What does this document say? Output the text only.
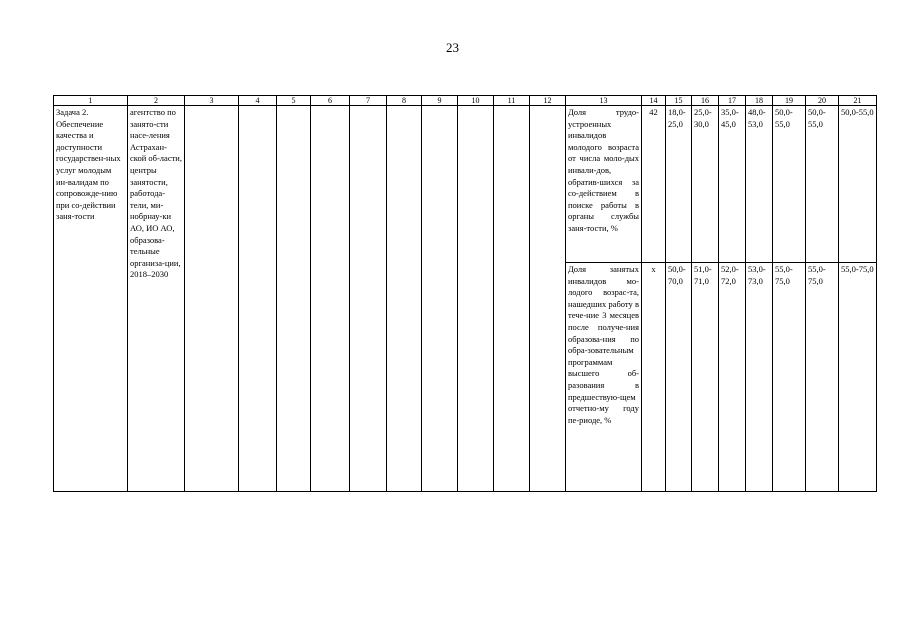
23
1	2	3	4	5	6	7	8	9	10	11	12	13	14	15	16	17	18	19	20	21
Задача 2. Обеспечение качества и доступности государствен-ных услуг молодым ин-валидам по сопровожде-нию при со-действии заня-тости	агентство по занято-сти насе-ления Астрахан-ской об-ласти, центры занятости, работода-тели, ми-нобрнау-ки АО, ИО АО, образова-тельные организа-ции, 2018–2030											Доля трудо-устроенных инвалидов молодого возраста от числа моло-дых инвали-дов, обратив-шихся за со-действием в поиске работы в органы службы заня-тости, %	42	18,0-25,0	25,0-30,0	35,0-45,0	48,0-53,0	50,0-55,0	50,0-55,0	50,0-55,0
												Доля занятых инвалидов мо-лодого возрас-та, нашедших работу в тече-ние 3 месяцев после получе-ния образова-ния по обра-зовательным программам высшего об-разования в предшествую-щем отчетно-му году пе-риоде, %	х	50,0-70,0	51,0-71,0	52,0-72,0	53,0-73,0	55,0-75,0	55,0-75,0	55,0-75,0
